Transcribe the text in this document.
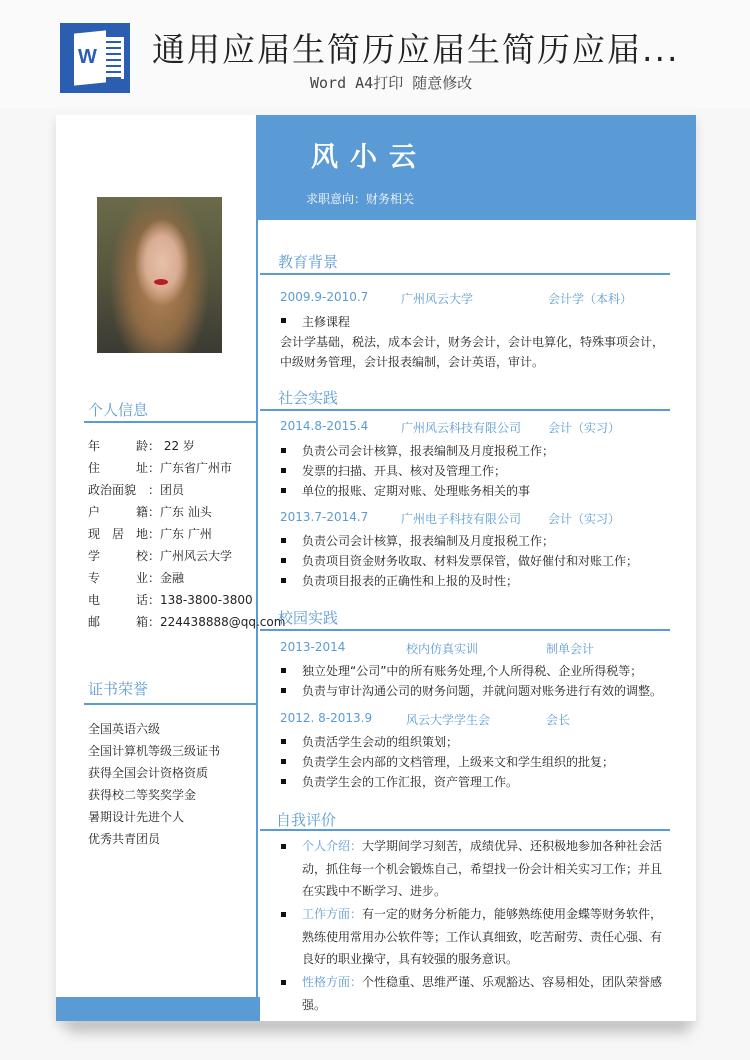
W 通用应届生简历应届生简历应届...
Word A4打印 随意修改
个人信息
年龄： 22 岁
住址：广东省广州市
政治面貌 ：团员
户籍：广东 汕头
现居地：广东 广州
学校：广州风云大学
专业：金融
电话：138-3800-3800
邮箱：224438888@qq.com
证书荣誉
全国英语六级
全国计算机等级三级证书
获得全国会计资格资质
获得校二等奖奖学金
暑期设计先进个人
优秀共青团员
风小云
求职意向：财务相关
教育背景
2009.9-2010.7	广州风云大学	会计学（本科）
主修课程
会计学基础，税法，成本会计，财务会计，会计电算化，特殊事项会计，
中级财务管理，会计报表编制，会计英语，审计。
社会实践
2014.8-2015.4	广州风云科技有限公司 会计（实习）
负责公司会计核算，报表编制及月度报税工作；
发票的扫描、开具、核对及管理工作；
单位的报账、定期对账、处理账务相关的事
2013.7-2014.7	广州电子科技有限公司 会计（实习）
负责公司会计核算，报表编制及月度报税工作；
负责项目资金财务收取、材料发票保管，做好催付和对账工作；
负责项目报表的正确性和上报的及时性；
校园实践
2013-2014	校内仿真实训	制单会计
独立处理“公司”中的所有账务处理,个人所得税、企业所得税等；
负责与审计沟通公司的财务问题，并就问题对账务进行有效的调整。
2012. 8-2013.9	风云大学学生会	会长
负责活学生会动的组织策划；
负责学生会内部的文档管理，上级来文和学生组织的批复；
负责学生会的工作汇报，资产管理工作。
自我评价
个人介绍：大学期间学习刻苦，成绩优异、还积极地参加各种社会活动，抓住每一个机会锻炼自己，希望找一份会计相关实习工作；并且在实践中不断学习、进步。
工作方面：有一定的财务分析能力，能够熟练使用金蝶等财务软件，熟练使用常用办公软件等；工作认真细致，吃苦耐劳、责任心强、有良好的职业操守，具有较强的服务意识。
性格方面：个性稳重、思维严谨、乐观豁达、容易相处，团队荣誉感强。
